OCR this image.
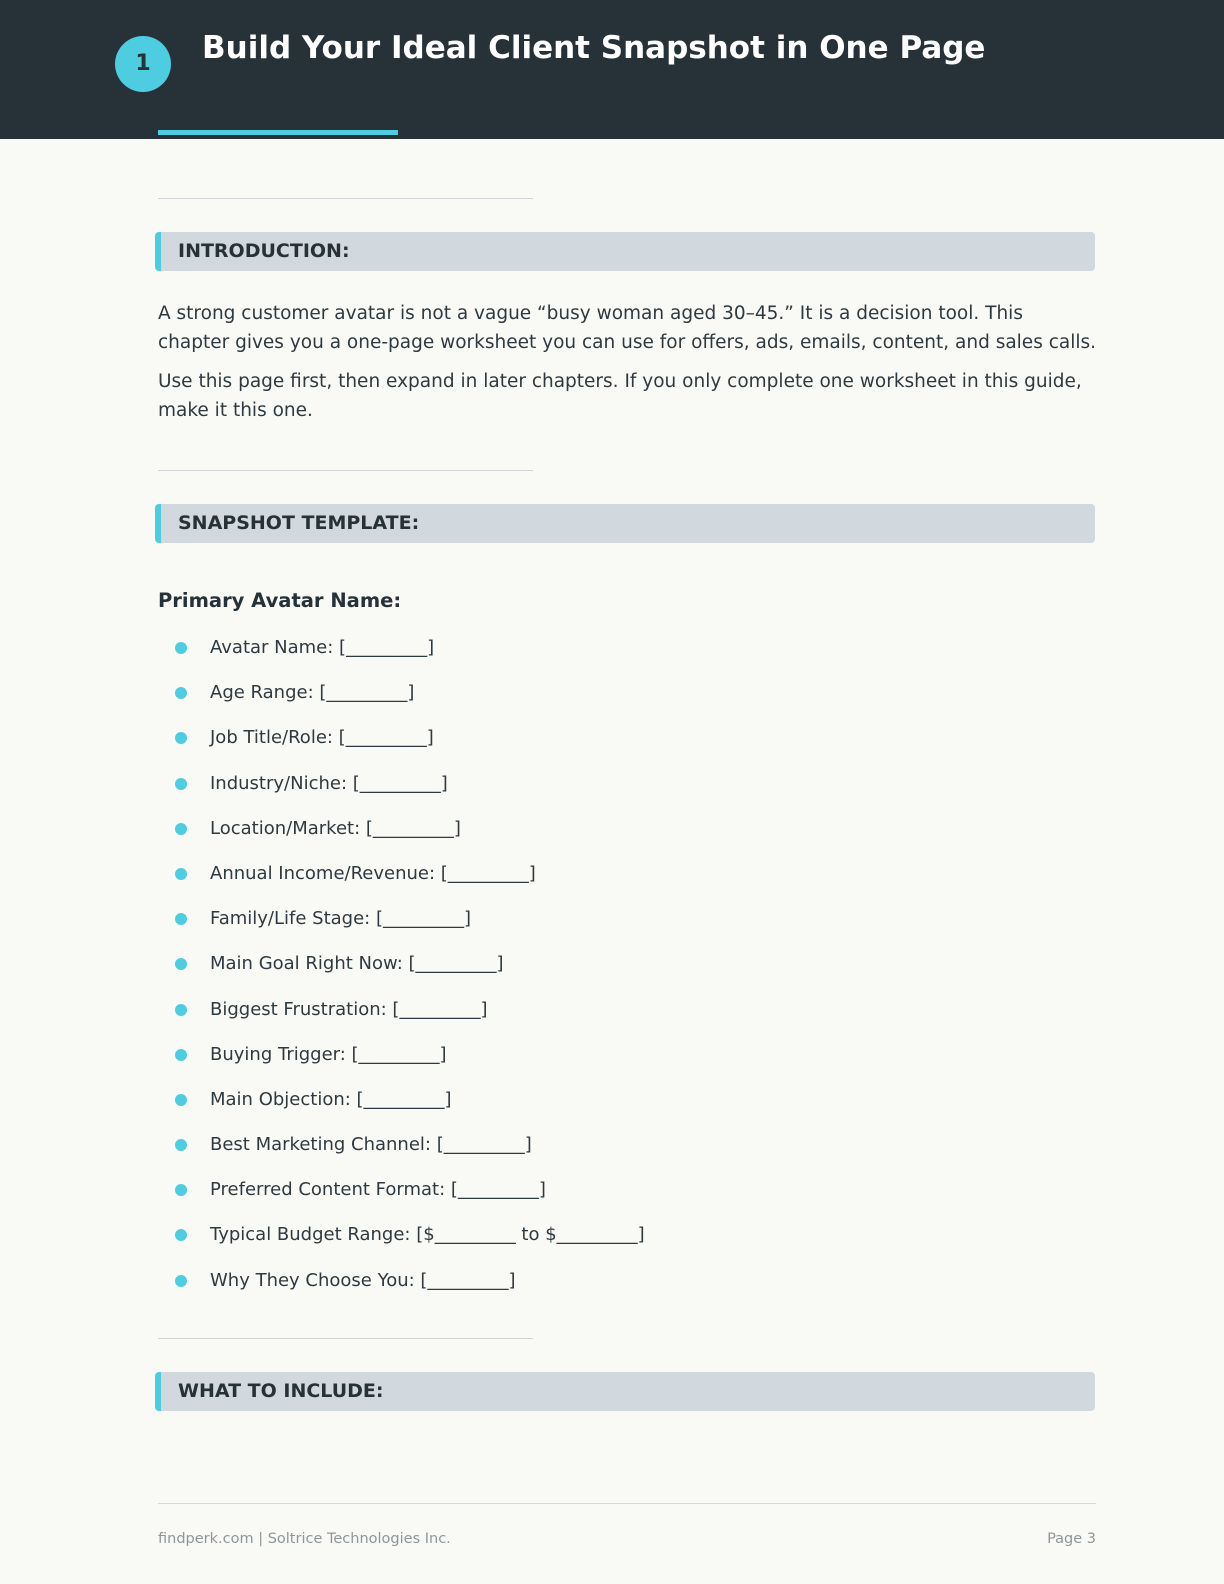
1	Build Your Ideal Client Snapshot in One Page
INTRODUCTION:

A strong customer avatar is not a vague “busy woman aged 30–45.” It is a decision tool. This chapter gives you a one-page worksheet you can use for offers, ads, emails, content, and sales calls.

Use this page first, then expand in later chapters. If you only complete one worksheet in this guide, make it this one.

SNAPSHOT TEMPLATE:
Primary Avatar Name:
Avatar Name: [_________]
Age Range: [_________]
Job Title/Role: [_________]
Industry/Niche: [_________]
Location/Market: [_________]
Annual Income/Revenue: [_________]
Family/Life Stage: [_________]
Main Goal Right Now: [_________]
Biggest Frustration: [_________]
Buying Trigger: [_________]
Main Objection: [_________]
Best Marketing Channel: [_________]
Preferred Content Format: [_________]
Typical Budget Range: [$_________ to $_________]
Why They Choose You: [_________]
WHAT TO INCLUDE:
findperk.com | Soltrice Technologies Inc.	Page 3
